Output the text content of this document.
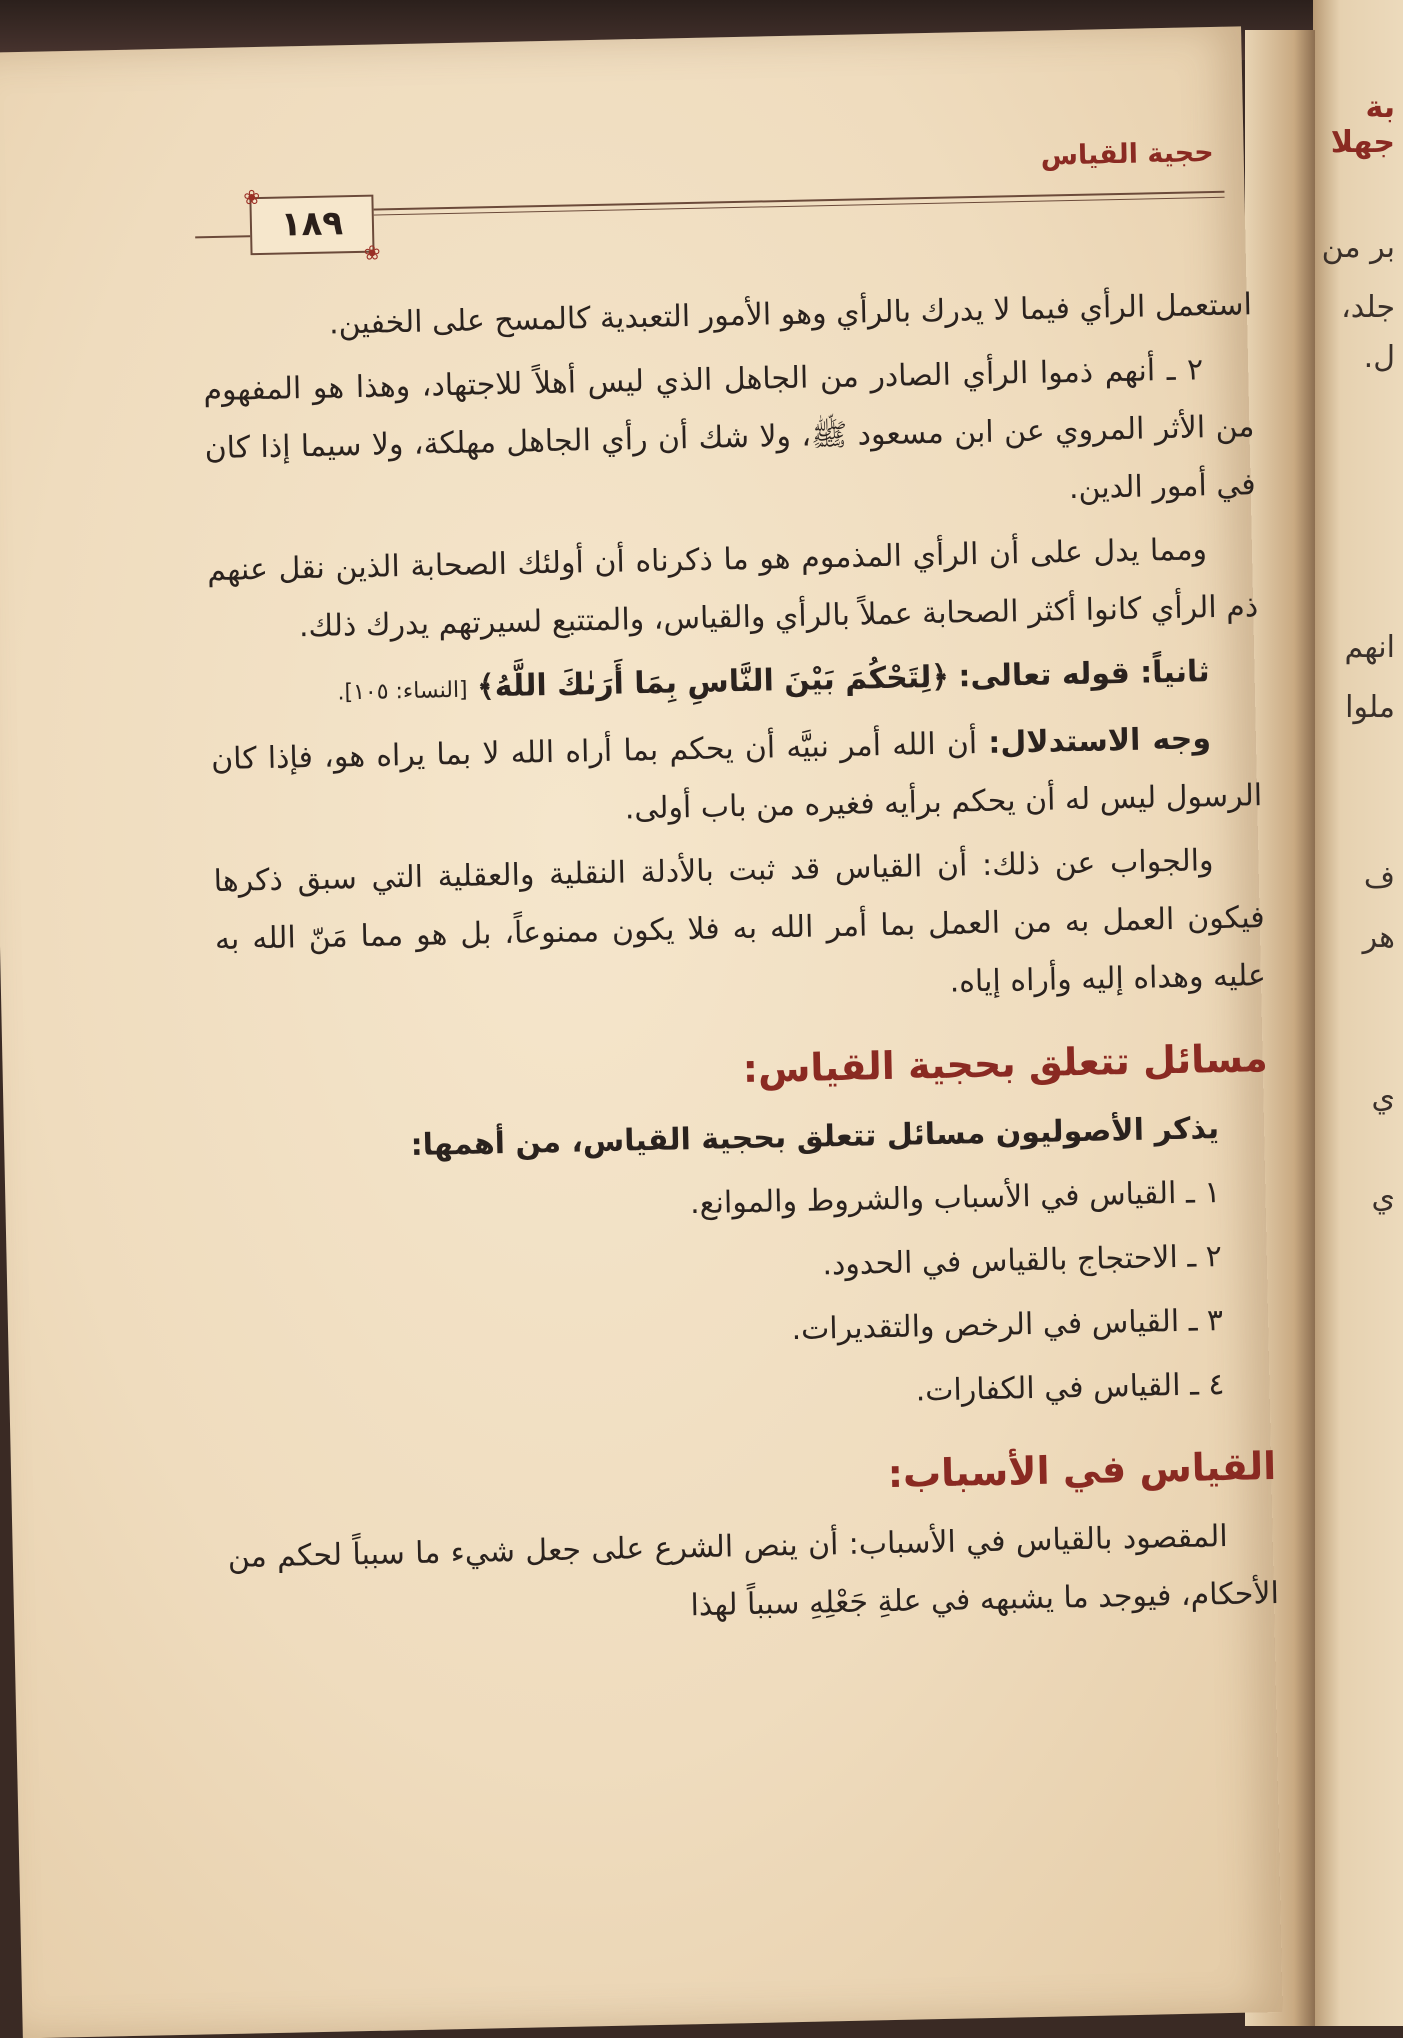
بة جهلا
بر من
جلد،
ل.
انهم
ملوا
ف
هر
ي
ي
حجية القياس
❀
❀
١٨٩

استعمل الرأي فيما لا يدرك بالرأي وهو الأمور التعبدية كالمسح على الخفين.

٢ ـ أنهم ذموا الرأي الصادر من الجاهل الذي ليس أهلاً للاجتهاد، وهذا هو المفهوم من الأثر المروي عن ابن مسعود ﷺ، ولا شك أن رأي الجاهل مهلكة، ولا سيما إذا كان في أمور الدين.

ومما يدل على أن الرأي المذموم هو ما ذكرناه أن أولئك الصحابة الذين نقل عنهم ذم الرأي كانوا أكثر الصحابة عملاً بالرأي والقياس، والمتتبع لسيرتهم يدرك ذلك.

ثانياً: قوله تعالى: ﴿لِتَحْكُمَ بَيْنَ النَّاسِ بِمَا أَرَىٰكَ اللَّهُ﴾ [النساء: ١٠٥].

وجه الاستدلال: أن الله أمر نبيَّه أن يحكم بما أراه الله لا بما يراه هو، فإذا كان الرسول ليس له أن يحكم برأيه فغيره من باب أولى.

والجواب عن ذلك: أن القياس قد ثبت بالأدلة النقلية والعقلية التي سبق ذكرها فيكون العمل به من العمل بما أمر الله به فلا يكون ممنوعاً، بل هو مما مَنّ الله به عليه وهداه إليه وأراه إياه.

مسائل تتعلق بحجية القياس:

يذكر الأصوليون مسائل تتعلق بحجية القياس، من أهمها:

١ ـ القياس في الأسباب والشروط والموانع.

٢ ـ الاحتجاج بالقياس في الحدود.

٣ ـ القياس في الرخص والتقديرات.

٤ ـ القياس في الكفارات.

القياس في الأسباب:

المقصود بالقياس في الأسباب: أن ينص الشرع على جعل شيء ما سبباً لحكم من الأحكام، فيوجد ما يشبهه في علةِ جَعْلِهِ سبباً لهذا
